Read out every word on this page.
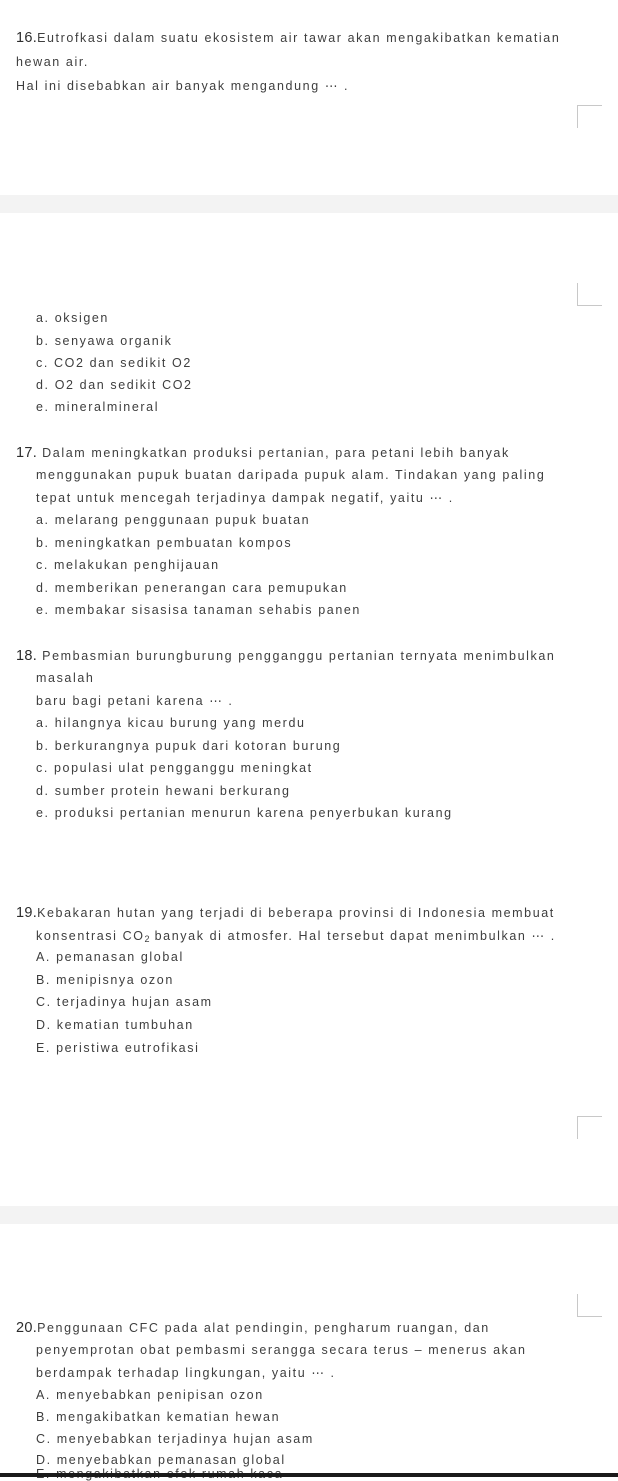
16.Eutrofkasi dalam suatu ekosistem air tawar akan mengakibatkan kematian
hewan air.
Hal ini disebabkan air banyak mengandung ⋯ .
a. oksigen
b. senyawa organik
c. CO2 dan sedikit O2
d. O2 dan sedikit CO2
e. mineralmineral
17. Dalam meningkatkan produksi pertanian, para petani lebih banyak
menggunakan pupuk buatan daripada pupuk alam. Tindakan yang paling
tepat untuk mencegah terjadinya dampak negatif, yaitu ⋯ .
a. melarang penggunaan pupuk buatan
b. meningkatkan pembuatan kompos
c. melakukan penghijauan
d. memberikan penerangan cara pemupukan
e. membakar sisasisa tanaman sehabis panen
18. Pembasmian burungburung pengganggu pertanian ternyata menimbulkan
masalah
baru bagi petani karena ⋯ .
a. hilangnya kicau burung yang merdu
b. berkurangnya pupuk dari kotoran burung
c. populasi ulat pengganggu meningkat
d. sumber protein hewani berkurang
e. produksi pertanian menurun karena penyerbukan kurang
19.Kebakaran hutan yang terjadi di beberapa provinsi di Indonesia membuat
konsentrasi $CO_2$ banyak di atmosfer. Hal tersebut dapat menimbulkan ⋯ .
A. pemanasan global
B. menipisnya ozon
C. terjadinya hujan asam
D. kematian tumbuhan
E. peristiwa eutrofikasi
20.Penggunaan CFC pada alat pendingin, pengharum ruangan, dan
penyemprotan obat pembasmi serangga secara terus – menerus akan
berdampak terhadap lingkungan, yaitu ⋯ .
A. menyebabkan penipisan ozon
B. mengakibatkan kematian hewan
C. menyebabkan terjadinya hujan asam
D. menyebabkan pemanasan global
